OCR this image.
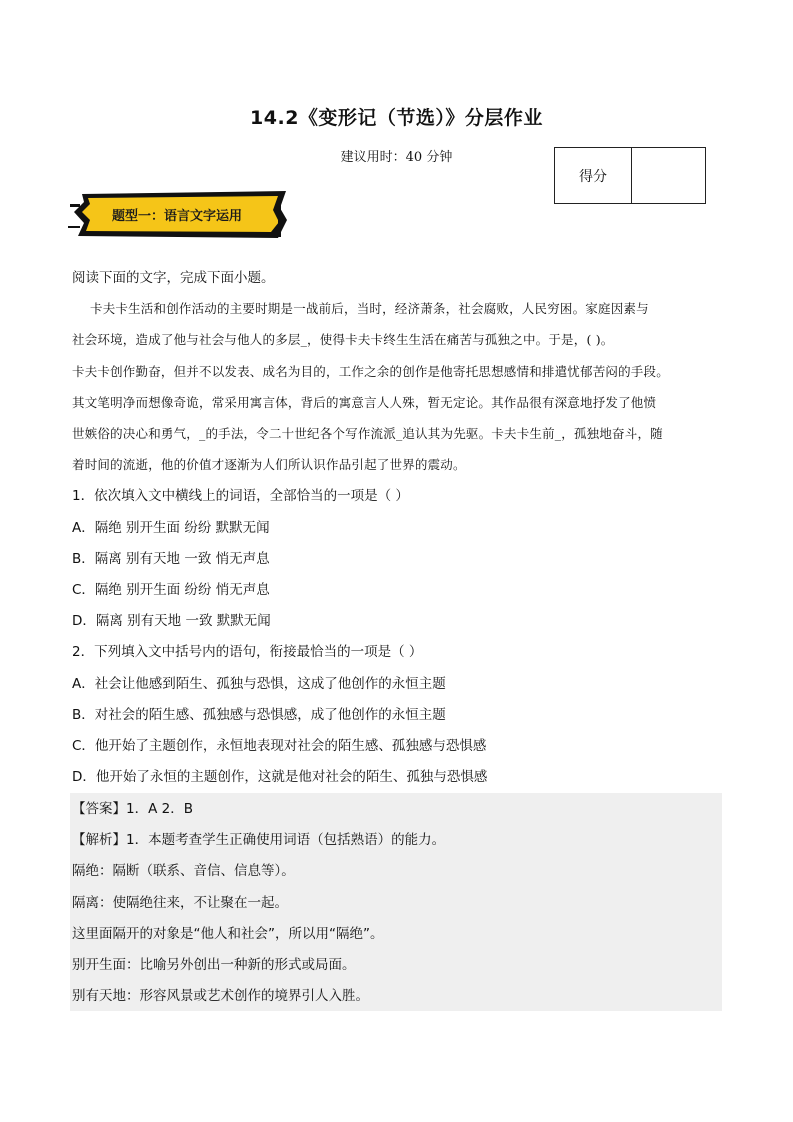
14.2《变形记（节选）》分层作业
建议用时：40 分钟
得分
题型一：语言文字运用
阅读下面的文字，完成下面小题。
卡夫卡生活和创作活动的主要时期是一战前后，当时，经济萧条，社会腐败，人民穷困。家庭因素与
社会环境，造成了他与社会与他人的多层_，使得卡夫卡终生生活在痛苦与孤独之中。于是，( )。
卡夫卡创作勤奋，但并不以发表、成名为目的，工作之余的创作是他寄托思想感情和排遣忧郁苦闷的手段。
其文笔明净而想像奇诡，常采用寓言体，背后的寓意言人人殊，暂无定论。其作品很有深意地抒发了他愤
世嫉俗的决心和勇气，_的手法，令二十世纪各个写作流派_追认其为先驱。卡夫卡生前_，孤独地奋斗，随
着时间的流逝，他的价值才逐渐为人们所认识作品引起了世界的震动。
1．依次填入文中横线上的词语，全部恰当的一项是（ ）
A．隔绝 别开生面 纷纷 默默无闻
B．隔离 别有天地 一致 悄无声息
C．隔绝 别开生面 纷纷 悄无声息
D．隔离 别有天地 一致 默默无闻
2．下列填入文中括号内的语句，衔接最恰当的一项是（ ）
A．社会让他感到陌生、孤独与恐惧，这成了他创作的永恒主题
B．对社会的陌生感、孤独感与恐惧感，成了他创作的永恒主题
C．他开始了主题创作，永恒地表现对社会的陌生感、孤独感与恐惧感
D．他开始了永恒的主题创作，这就是他对社会的陌生、孤独与恐惧感
【答案】1．A 2．B
【解析】1．本题考查学生正确使用词语（包括熟语）的能力。
隔绝：隔断（联系、音信、信息等）。
隔离：使隔绝往来，不让聚在一起。
这里面隔开的对象是“他人和社会”，所以用“隔绝”。
别开生面：比喻另外创出一种新的形式或局面。
别有天地：形容风景或艺术创作的境界引人入胜。
